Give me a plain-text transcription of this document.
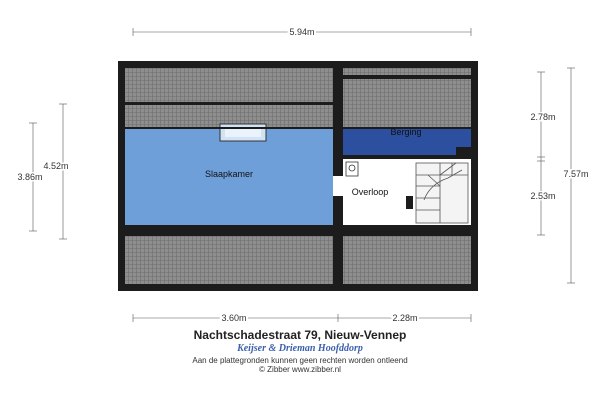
Slaapkamer
Berging
Overloop
5.94m
3.86m
4.52m
2.78m
2.53m
7.57m
3.60m	2.28m
Nachtschadestraat 79, Nieuw-Vennep
Keijser & Drieman Hoofddorp
Aan de plattegronden kunnen geen rechten worden ontleend
© Zibber www.zibber.nl
